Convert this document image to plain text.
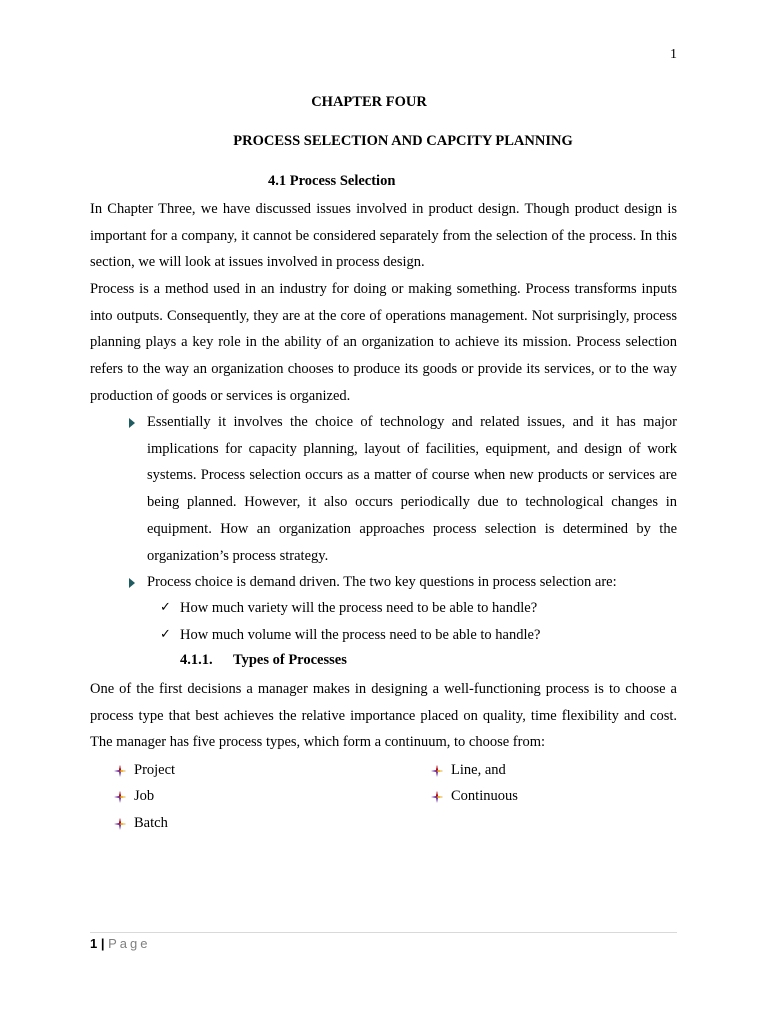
1
CHAPTER FOUR
PROCESS SELECTION AND CAPCITY PLANNING
4.1 Process Selection
In Chapter Three, we have discussed issues involved in product design. Though product design is important for a company, it cannot be considered separately from the selection of the process. In this section, we will look at issues involved in process design.
Process is a method used in an industry for doing or making something. Process transforms inputs into outputs. Consequently, they are at the core of operations management. Not surprisingly, process planning plays a key role in the ability of an organization to achieve its mission. Process selection refers to the way an organization chooses to produce its goods or provide its services, or to the way production of goods or services is organized.
Essentially it involves the choice of technology and related issues, and it has major implications for capacity planning, layout of facilities, equipment, and design of work systems. Process selection occurs as a matter of course when new products or services are being planned. However, it also occurs periodically due to technological changes in equipment. How an organization approaches process selection is determined by the organization’s process strategy.
Process choice is demand driven. The two key questions in process selection are:
✓ How much variety will the process need to be able to handle?
✓ How much volume will the process need to be able to handle?
4.1.1. Types of Processes
One of the first decisions a manager makes in designing a well-functioning process is to choose a process type that best achieves the relative importance placed on quality, time flexibility and cost. The manager has five process types, which form a continuum, to choose from:
Project
Job
Batch
Line, and
Continuous
1 | Page
